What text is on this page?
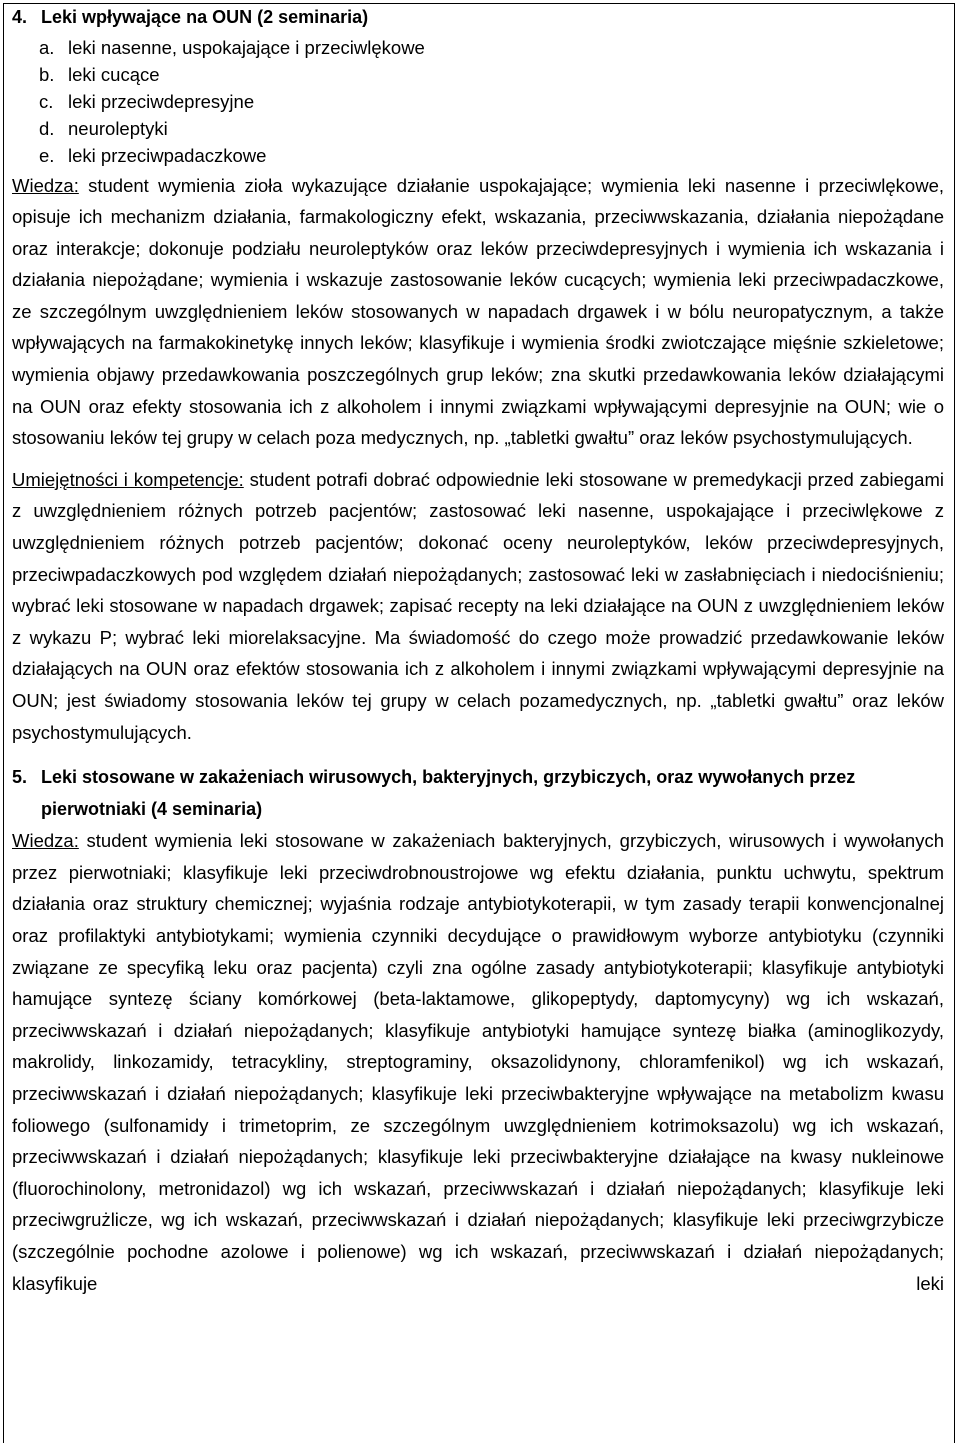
4. Leki wpływające na OUN (2 seminaria)
a. leki nasenne, uspokajające i przeciwlękowe
b. leki cucące
c. leki przeciwdepresyjne
d. neuroleptyki
e. leki przeciwpadaczkowe

Wiedza: student wymienia zioła wykazujące działanie uspokajające; wymienia leki nasenne i przeciwlękowe, opisuje ich mechanizm działania, farmakologiczny efekt, wskazania, przeciwwskazania, działania niepożądane oraz interakcje; dokonuje podziału neuroleptyków oraz leków przeciwdepresyjnych i wymienia ich wskazania i działania niepożądane; wymienia i wskazuje zastosowanie leków cucących; wymienia leki przeciwpadaczkowe, ze szczególnym uwzględnieniem leków stosowanych w napadach drgawek i w bólu neuropatycznym, a także wpływających na farmakokinetykę innych leków; klasyfikuje i wymienia środki zwiotczające mięśnie szkieletowe; wymienia objawy przedawkowania poszczególnych grup leków; zna skutki przedawkowania leków działającymi na OUN oraz efekty stosowania ich z alkoholem i innymi związkami wpływającymi depresyjnie na OUN; wie o stosowaniu leków tej grupy w celach poza medycznych, np. „tabletki gwałtu” oraz leków psychostymulujących.

Umiejętności i kompetencje: student potrafi dobrać odpowiednie leki stosowane w premedykacji przed zabiegami z uwzględnieniem różnych potrzeb pacjentów; zastosować leki nasenne, uspokajające i przeciwlękowe z uwzględnieniem różnych potrzeb pacjentów; dokonać oceny neuroleptyków, leków przeciwdepresyjnych, przeciwpadaczkowych pod względem działań niepożądanych; zastosować leki w zasłabnięciach i niedociśnieniu; wybrać leki stosowane w napadach drgawek; zapisać recepty na leki działające na OUN z uwzględnieniem leków z wykazu P; wybrać leki miorelaksacyjne. Ma świadomość do czego może prowadzić przedawkowanie leków działających na OUN oraz efektów stosowania ich z alkoholem i innymi związkami wpływającymi depresyjnie na OUN; jest świadomy stosowania leków tej grupy w celach pozamedycznych, np. „tabletki gwałtu” oraz leków psychostymulujących.

5. Leki stosowane w zakażeniach wirusowych, bakteryjnych, grzybiczych, oraz wywołanych przez pierwotniaki (4 seminaria)

Wiedza: student wymienia leki stosowane w zakażeniach bakteryjnych, grzybiczych, wirusowych i wywołanych przez pierwotniaki; klasyfikuje leki przeciwdrobnoustrojowe wg efektu działania, punktu uchwytu, spektrum działania oraz struktury chemicznej; wyjaśnia rodzaje antybiotykoterapii, w tym zasady terapii konwencjonalnej oraz profilaktyki antybiotykami; wymienia czynniki decydujące o prawidłowym wyborze antybiotyku (czynniki związane ze specyfiką leku oraz pacjenta) czyli zna ogólne zasady antybiotykoterapii; klasyfikuje antybiotyki hamujące syntezę ściany komórkowej (beta-laktamowe, glikopeptydy, daptomycyny) wg ich wskazań, przeciwwskazań i działań niepożądanych; klasyfikuje antybiotyki hamujące syntezę białka (aminoglikozydy, makrolidy, linkozamidy, tetracykliny, streptograminy, oksazolidynony, chloramfenikol) wg ich wskazań, przeciwwskazań i działań niepożądanych; klasyfikuje leki przeciwbakteryjne wpływające na metabolizm kwasu foliowego (sulfonamidy i trimetoprim, ze szczególnym uwzględnieniem kotrimoksazolu) wg ich wskazań, przeciwwskazań i działań niepożądanych; klasyfikuje leki przeciwbakteryjne działające na kwasy nukleinowe (fluorochinolony, metronidazol) wg ich wskazań, przeciwwskazań i działań niepożądanych; klasyfikuje leki przeciwgrużlicze, wg ich wskazań, przeciwwskazań i działań niepożądanych; klasyfikuje leki przeciwgrzybicze (szczególnie pochodne azolowe i polienowe) wg ich wskazań, przeciwwskazań i działań niepożądanych; klasyfikuje leki
